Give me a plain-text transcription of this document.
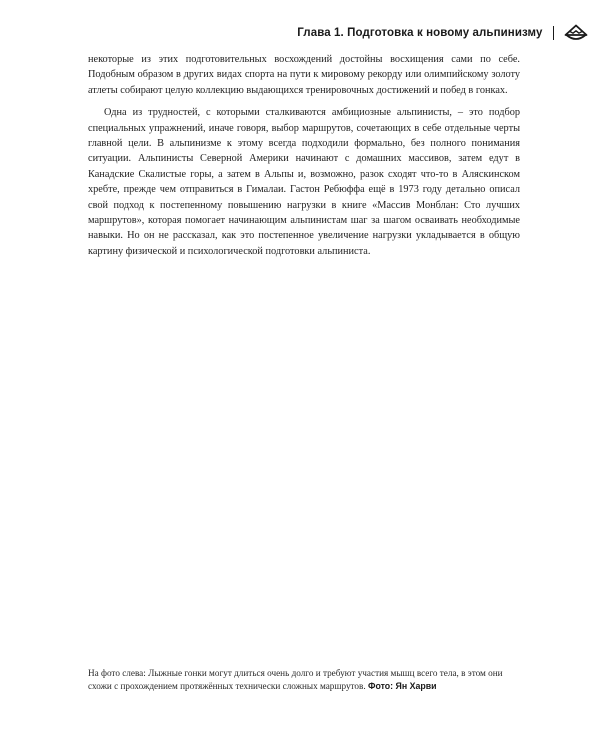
Глава 1. Подготовка к новому альпинизму

некоторые из этих подготовительных восхождений достойны восхищения сами по себе. Подобным образом в других видах спорта на пути к мировому рекорду или олимпийскому золоту атлеты собирают целую коллекцию выдающихся тренировочных достижений и побед в гонках.

Одна из трудностей, с которыми сталкиваются амбициозные альпинисты, – это подбор специальных упражнений, иначе говоря, выбор маршрутов, сочетающих в себе отдельные черты главной цели. В альпинизме к этому всегда подходили формально, без полного понимания ситуации. Альпинисты Северной Америки начинают с домашних массивов, затем едут в Канадские Скалистые горы, а затем в Альпы и, возможно, разок сходят что-то в Аляскинском хребте, прежде чем отправиться в Гималаи. Гастон Ребюффа ещё в 1973 году детально описал свой подход к постепенному повышению нагрузки в книге «Массив Монблан: Сто лучших маршрутов», которая помогает начинающим альпинистам шаг за шагом осваивать необходимые навыки. Но он не рассказал, как это постепенное увеличение нагрузки укладывается в общую картину физической и психологической подготовки альпиниста.

На фото слева: Лыжные гонки могут длиться очень долго и требуют участия мышц всего тела, в этом они схожи с прохождением протяжённых технически сложных маршрутов. Фото: Ян Харви
